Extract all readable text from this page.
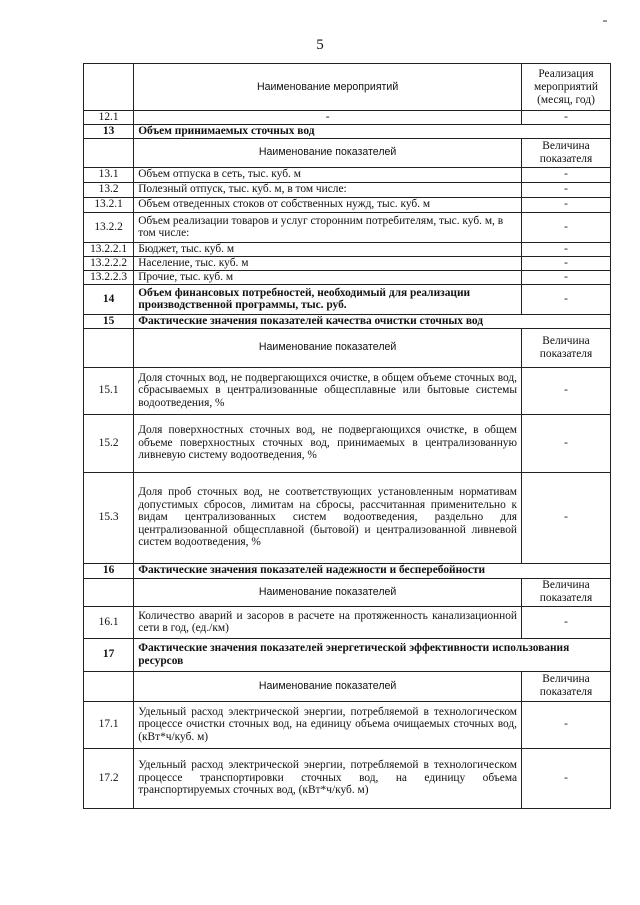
5
	Наименование мероприятий	Реализация мероприятий (месяц, год)
12.1	-	-
13	Объем принимаемых сточных вод	
	Наименование показателей	Величина показателя
13.1	Объем отпуска в сеть, тыс. куб. м	-
13.2	Полезный отпуск, тыс. куб. м, в том числе:	-
13.2.1	Объем отведенных стоков от собственных нужд, тыс. куб. м	-
13.2.2	Объем реализации товаров и услуг сторонним потребителям, тыс. куб. м, в том числе:	-
13.2.2.1	Бюджет, тыс. куб. м	-
13.2.2.2	Население, тыс. куб. м	-
13.2.2.3	Прочие, тыс. куб. м	-
14	Объем финансовых потребностей, необходимый для реализации производственной программы, тыс. руб.	-
15	Фактические значения показателей качества очистки сточных вод	
	Наименование показателей	Величина показателя
15.1	Доля сточных вод, не подвергающихся очистке, в общем объеме сточных вод, сбрасываемых в централизованные общесплавные или бытовые системы водоотведения, %	-
15.2	Доля поверхностных сточных вод, не подвергающихся очистке, в общем объеме поверхностных сточных вод, принимаемых в централизованную ливневую систему водоотведения, %	-
15.3	Доля проб сточных вод, не соответствующих установленным нормативам допустимых сбросов, лимитам на сбросы, рассчитанная применительно к видам централизованных систем водоотведения, раздельно для централизованной общесплавной (бытовой) и централизованной ливневой систем водоотведения, %	-
16	Фактические значения показателей надежности и бесперебойности	
	Наименование показателей	Величина показателя
16.1	Количество аварий и засоров в расчете на протяженность канализационной сети в год, (ед./км)	-
17	Фактические значения показателей энергетической эффективности использования ресурсов	
	Наименование показателей	Величина показателя
17.1	Удельный расход электрической энергии, потребляемой в технологическом процессе очистки сточных вод, на единицу объема очищаемых сточных вод, (кВт*ч/куб. м)	-
17.2	Удельный расход электрической энергии, потребляемой в технологическом процессе транспортировки сточных вод, на единицу объема транспортируемых сточных вод, (кВт*ч/куб. м)	-
